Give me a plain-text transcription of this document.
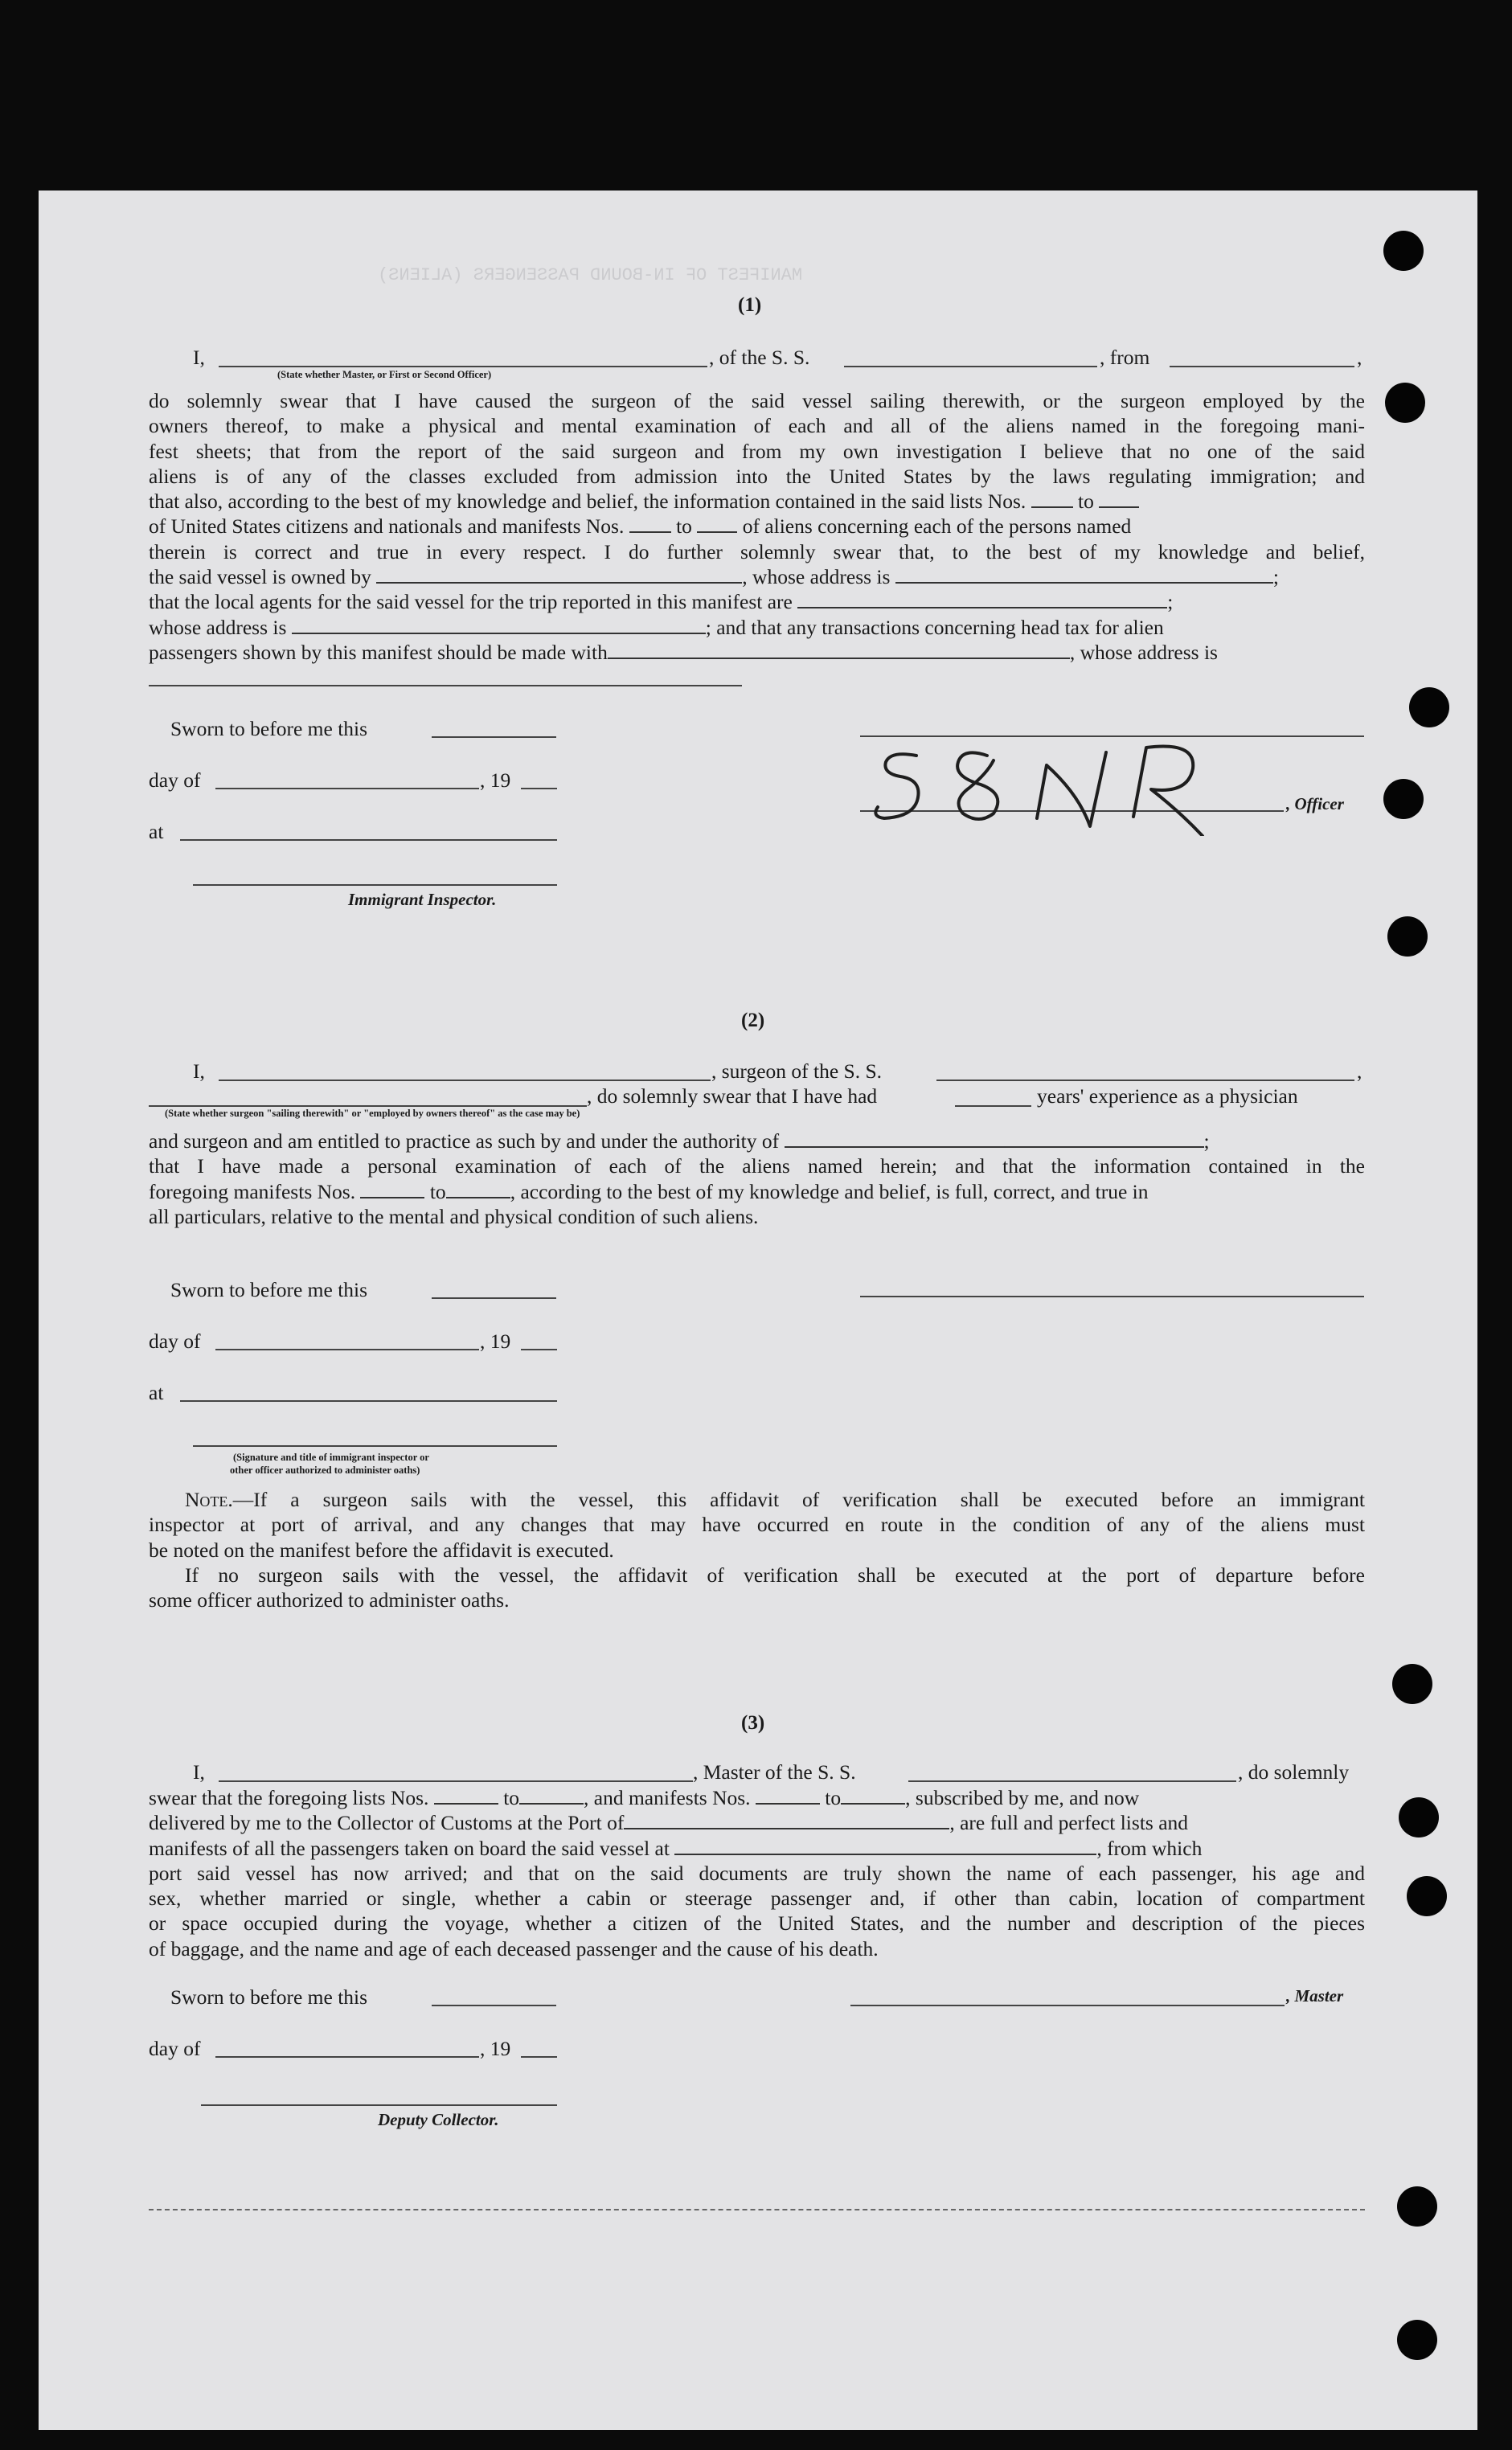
MANIFEST OF IN-BOUND PASSENGERS (ALIENS)
(1)
I,	, of the S. S.	, from	,
(State whether Master, or First or Second Officer)
do solemnly swear that I have caused the surgeon of the said vessel sailing therewith, or the surgeon employed by the
owners thereof, to make a physical and mental examination of each and all of the aliens named in the foregoing mani-
fest sheets; that from the report of the said surgeon and from my own investigation I believe that no one of the said
aliens is of any of the classes excluded from admission into the United States by the laws regulating immigration; and
that also, according to the best of my knowledge and belief, the information contained in the said lists Nos.	to
of United States citizens and nationals and manifests Nos.	to of aliens concerning each of the persons named
therein is correct and true in every respect. I do further solemnly swear that, to the best of my knowledge and belief,
the said vessel is owned by	, whose address is	;
that the local agents for the said vessel for the trip reported in this manifest are	;
whose address is	; and that any transactions concerning head tax for alien
passengers shown by this manifest should be made with	, whose address is
Sworn to before me this
day of	, 19
at
Immigrant Inspector.
, Officer
(2)
I,	, surgeon of the S. S.	,
, do solemnly swear that I have had	years' experience as a physician
(State whether surgeon "sailing therewith" or "employed by owners thereof" as the case may be)
and surgeon and am entitled to practice as such by and under the authority of	;
that I have made a personal examination of each of the aliens named herein; and that the information contained in the
foregoing manifests Nos.	to	, according to the best of my knowledge and belief, is full, correct, and true in
all particulars, relative to the mental and physical condition of such aliens.
Sworn to before me this
day of	, 19
at
(Signature and title of immigrant inspector or
other officer authorized to administer oaths)
Note.—If a surgeon sails with the vessel, this affidavit of verification shall be executed before an immigrant
inspector at port of arrival, and any changes that may have occurred en route in the condition of any of the aliens must
be noted on the manifest before the affidavit is executed.
If no surgeon sails with the vessel, the affidavit of verification shall be executed at the port of departure before
some officer authorized to administer oaths.
(3)
I,	, Master of the S. S.	, do solemnly
swear that the foregoing lists Nos.	to	, and manifests Nos.	to	, subscribed by me, and now
delivered by me to the Collector of Customs at the Port of	, are full and perfect lists and
manifests of all the passengers taken on board the said vessel at	, from which
port said vessel has now arrived; and that on the said documents are truly shown the name of each passenger, his age and
sex, whether married or single, whether a cabin or steerage passenger and, if other than cabin, location of compartment
or space occupied during the voyage, whether a citizen of the United States, and the number and description of the pieces
of baggage, and the name and age of each deceased passenger and the cause of his death.
Sworn to before me this	, Master
day of	, 19
Deputy Collector.
